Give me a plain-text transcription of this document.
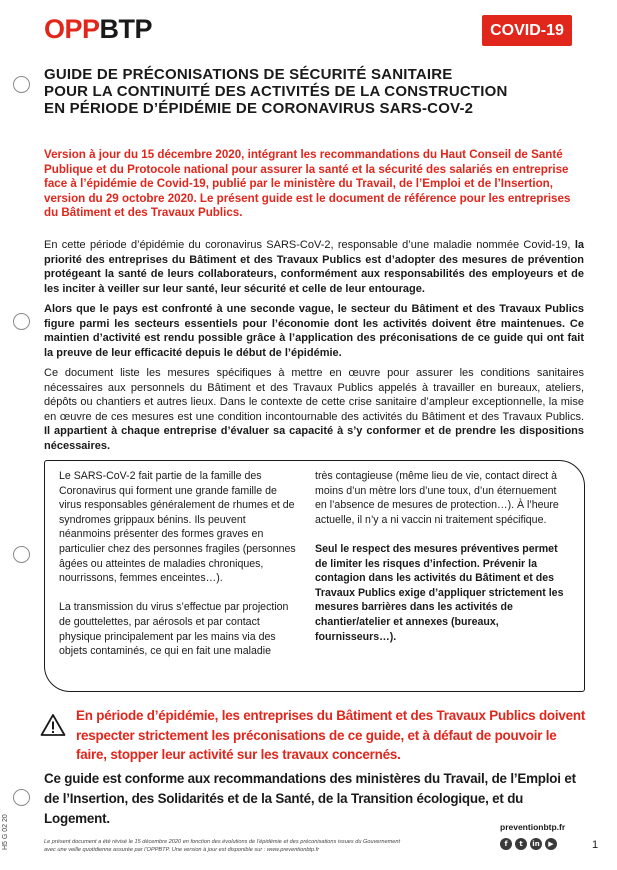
OPPBTP	COVID-19
GUIDE DE PRÉCONISATIONS DE SÉCURITÉ SANITAIRE
POUR LA CONTINUITÉ DES ACTIVITÉS DE LA CONSTRUCTION
EN PÉRIODE D’ÉPIDÉMIE DE CORONAVIRUS SARS-COV-2
Version à jour du 15 décembre 2020, intégrant les recommandations du Haut Conseil de Santé Publique et du Protocole national pour assurer la santé et la sécurité des salariés en entreprise face à l’épidémie de Covid-19, publié par le ministère du Travail, de l’Emploi et de l’Insertion, version du 29 octobre 2020. Le présent guide est le document de référence pour les entreprises du Bâtiment et des Travaux Publics.
En cette période d’épidémie du coronavirus SARS-CoV-2, responsable d’une maladie nommée Covid-19, la priorité des entreprises du Bâtiment et des Travaux Publics est d’adopter des mesures de prévention protégeant la santé de leurs collaborateurs, conformément aux responsabilités des employeurs et de les inciter à veiller sur leur santé, leur sécurité et celle de leur entourage.
Alors que le pays est confronté à une seconde vague, le secteur du Bâtiment et des Travaux Publics figure parmi les secteurs essentiels pour l’économie dont les activités doivent être maintenues. Ce maintien d’activité est rendu possible grâce à l’application des préconisations de ce guide qui ont fait la preuve de leur efficacité depuis le début de l’épidémie.
Ce document liste les mesures spécifiques à mettre en œuvre pour assurer les conditions sanitaires nécessaires aux personnels du Bâtiment et des Travaux Publics appelés à travailler en bureaux, ateliers, dépôts ou chantiers et autres lieux. Dans le contexte de cette crise sanitaire d’ampleur exceptionnelle, la mise en œuvre de ces mesures est une condition incontournable des activités du Bâtiment et des Travaux Publics. Il appartient à chaque entreprise d’évaluer sa capacité à s’y conformer et de prendre les dispositions nécessaires.

Le SARS-CoV-2 fait partie de la famille des Coronavirus qui forment une grande famille de virus responsables généralement de rhumes et de syndromes grippaux bénins. Ils peuvent néanmoins présenter des formes graves en particulier chez des personnes fragiles (personnes âgées ou atteintes de maladies chroniques, nourrissons, femmes enceintes…).

La transmission du virus s’effectue par projection de gouttelettes, par aérosols et par contact physique principalement par les mains via des objets contaminés, ce qui en fait une maladie

très contagieuse (même lieu de vie, contact direct à moins d’un mètre lors d’une toux, d’un éternuement en l’absence de mesures de protection…). À l’heure actuelle, il n’y a ni vaccin ni traitement spécifique.

Seul le respect des mesures préventives permet de limiter les risques d’infection. Prévenir la contagion dans les activités du Bâtiment et des Travaux Publics exige d’appliquer strictement les mesures barrières dans les activités de chantier/atelier et annexes (bureaux, fournisseurs…).

En période d’épidémie, les entreprises du Bâtiment et des Travaux Publics doivent respecter strictement les préconisations de ce guide, et à défaut de pouvoir le faire, stopper leur activité sur les travaux concernés.
Ce guide est conforme aux recommandations des ministères du Travail, de l’Emploi et de l’Insertion, des Solidarités et de la Santé, de la Transition écologique, et du Logement.
H5 G 02 20	Le présent document a été révisé le 15 décembre 2020 en fonction des évolutions de l’épidémie et des préconisations issues du Gouvernement avec une veille quotidienne assurée par l’OPPBTP. Une version à jour est disponible sur : www.preventionbtp.fr
preventionbtp.fr
f	t	in	▶	1
